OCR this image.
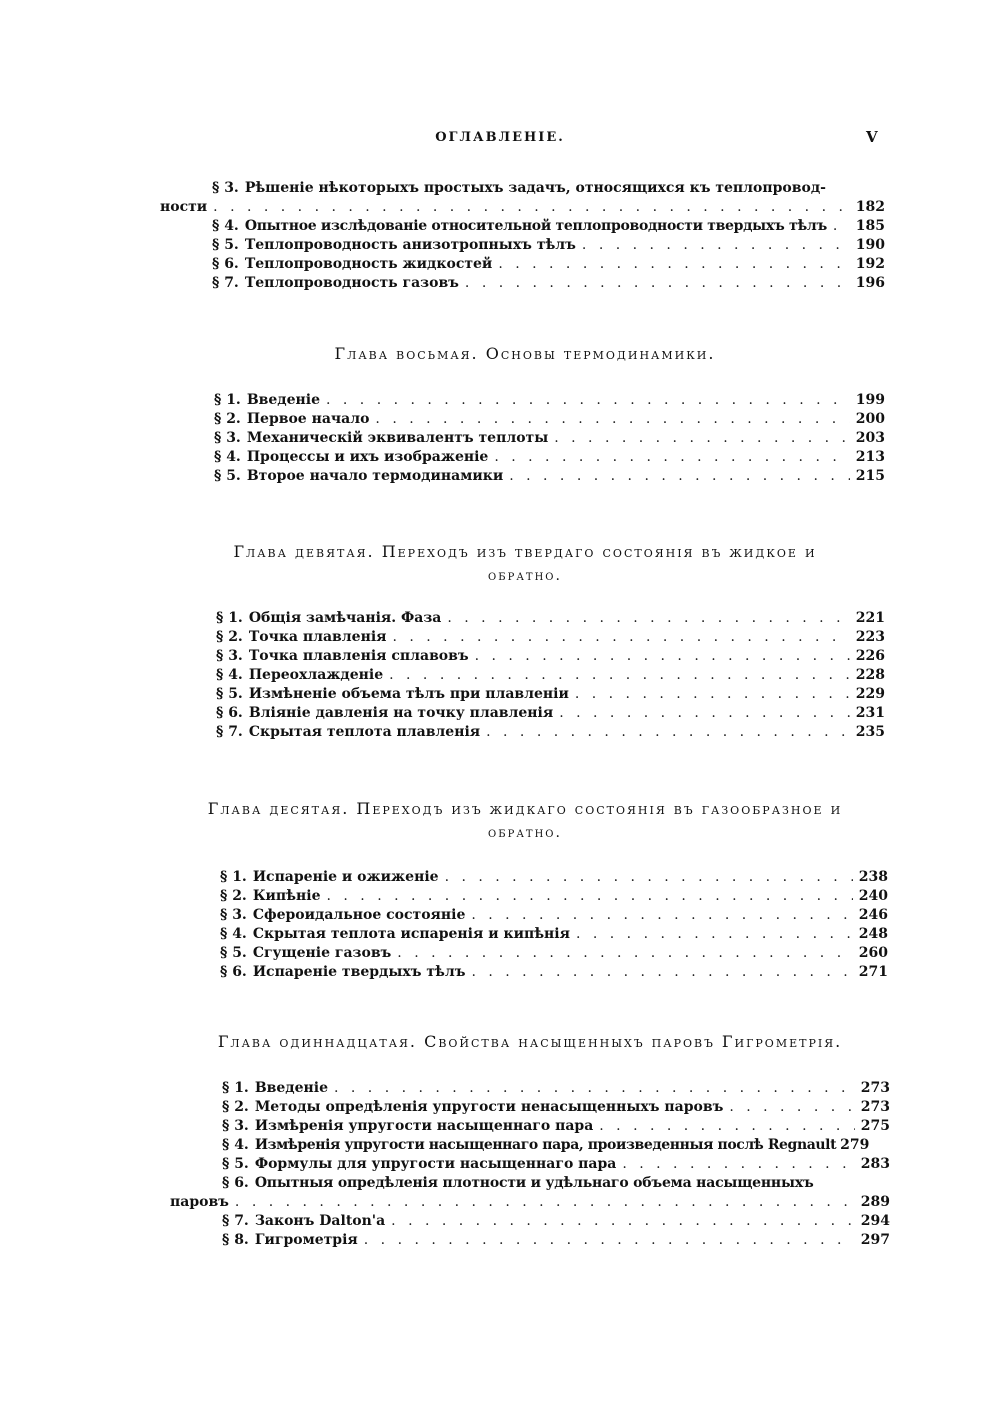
ОГЛАВЛЕНІЕ.	V
§ 3. Рѣшеніе нѣкоторыхъ простыхъ задачъ, относящихся къ теплопровод-
ности . . .	182
§ 4. Опытное изслѣдованіе относительной теплопроводности твердыхъ тѣлъ . . . 185
§ 5. Теплопроводность анизотропныхъ тѣлъ . . .	190
§ 6. Теплопроводность жидкостей . . .	192
§ 7. Теплопроводность газовъ . . .	196
Глава восьмая. Основы термодинамики.
§ 1. Введеніе . . .	199
§ 2. Первое начало . . .	200
§ 3. Механическій эквивалентъ теплоты . . .	203
§ 4. Процессы и ихъ изображеніе . . .	213
§ 5. Второе начало термодинамики . . .	215
Глава девятая. Переходъ изъ твердаго состоянія въ жидкое и
обратно.
§ 1. Общія замѣчанія. Фаза . . .	221
§ 2. Точка плавленія . . .	223
§ 3. Точка плавленія сплавовъ . . .	226
§ 4. Переохлажденіе . . .	228
§ 5. Измѣненіе объема тѣлъ при плавленіи . . .	229
§ 6. Вліяніе давленія на точку плавленія . . .	231
§ 7. Скрытая теплота плавленія . . .	235
Глава десятая. Переходъ изъ жидкаго состоянія въ газообразное и
обратно.
§ 1. Испареніе и ожиженіе . . .	238
§ 2. Кипѣніе . . .	240
§ 3. Сфероидальное состояніе . . .	246
§ 4. Скрытая теплота испаренія и кипѣнія . . .	248
§ 5. Сгущеніе газовъ . . .	260
§ 6. Испареніе твердыхъ тѣлъ . . .	271
Глава одиннадцатая. Свойства насыщенныхъ паровъ Гигрометрія.
§ 1. Введеніе . . .	273
§ 2. Методы опредѣленія упругости ненасыщенныхъ паровъ . . .	273
§ 3. Измѣренія упругости насыщеннаго пара . . .	275
§ 4. Измѣренія упругости насыщеннаго пара, произведенныя послѣ Regnault 279
§ 5. Формулы для упругости насыщеннаго пара . . .	283
§ 6. Опытныя опредѣленія плотности и удѣльнаго объема насыщенныхъ
паровъ . . .	289
§ 7. Законъ Dalton'a . . .	294
§ 8. Гигрометрія . . .	297
